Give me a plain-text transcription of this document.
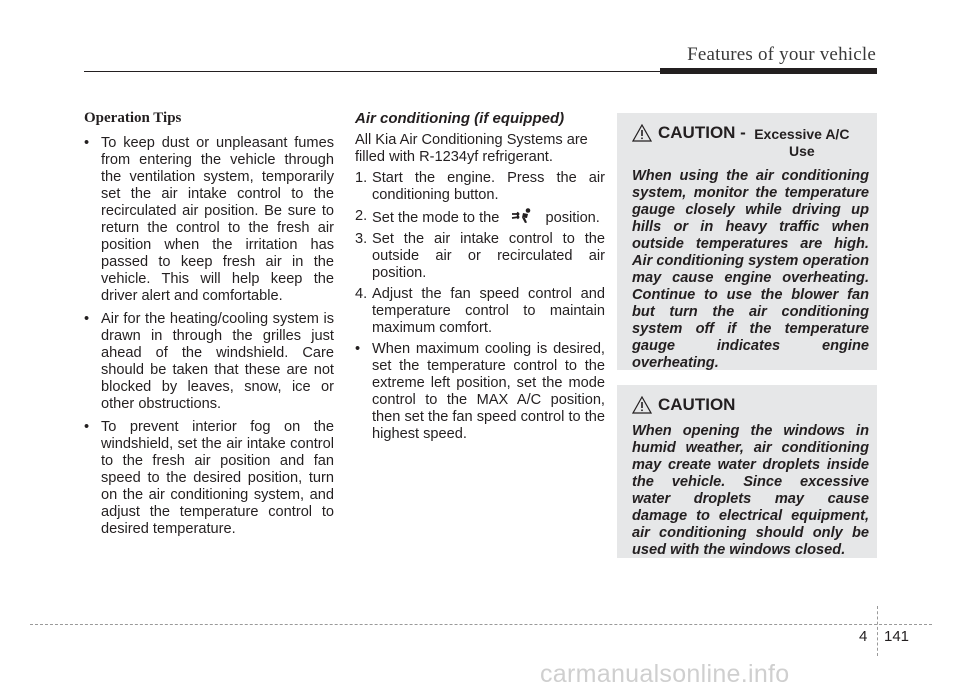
Features of your vehicle
Operation Tips
• To keep dust or unpleasant fumes from entering the vehicle through the ventilation system, temporarily set the air intake control to the recirculated air position. Be sure to return the control to the fresh air position when the irritation has passed to keep fresh air in the vehicle. This will help keep the driver alert and comfortable.
• Air for the heating/cooling system is drawn in through the grilles just ahead of the windshield. Care should be taken that these are not blocked by leaves, snow, ice or other obstructions.
• To prevent interior fog on the windshield, set the air intake control to the fresh air position and fan speed to the desired position, turn on the air conditioning system, and adjust the temperature control to desired temperature.
Air conditioning (if equipped)
All Kia Air Conditioning Systems are filled with R-1234yf refrigerant.
1. Start the engine. Press the air conditioning button.
2. Set the mode to the	position.
3. Set the air intake control to the outside air or recirculated air position.
4. Adjust the fan speed control and temperature control to maintain maximum comfort.
• When maximum cooling is desired, set the temperature control to the extreme left position, set the mode control to the MAX A/C position, then set the fan speed control to the highest speed.
CAUTION - Excessive A/C Use
When using the air conditioning system, monitor the temperature gauge closely while driving up hills or in heavy traffic when outside temperatures are high. Air conditioning system operation may cause engine overheating. Continue to use the blower fan but turn the air conditioning system off if the temperature gauge indicates engine overheating.
CAUTION
When opening the windows in humid weather, air conditioning may create water droplets inside the vehicle. Since excessive water droplets may cause damage to electrical equipment, air conditioning should only be used with the windows closed.
4 141
carmanualsonline.info
